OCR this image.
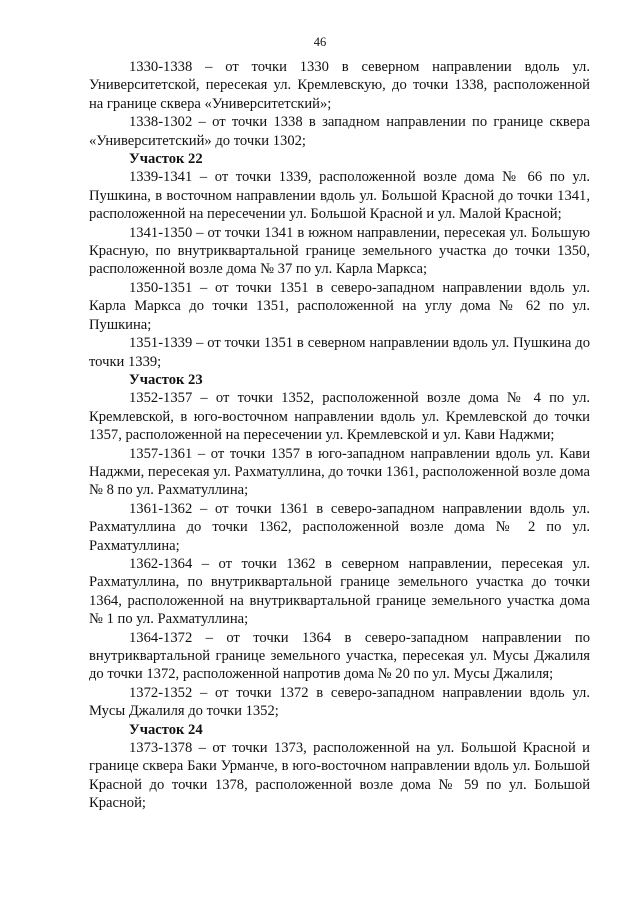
46

1330-1338 – от точки 1330 в северном направлении вдоль ул. Университетской, пересекая ул. Кремлевскую, до точки 1338, расположенной на границе сквера «Университетский»;

1338-1302 – от точки 1338 в западном направлении по границе сквера «Университетский» до точки 1302;

Участок 22

1339-1341 – от точки 1339, расположенной возле дома № 66 по ул. Пушкина, в восточном направлении вдоль ул. Большой Красной до точки 1341, расположенной на пересечении ул. Большой Красной и ул. Малой Красной;

1341-1350 – от точки 1341 в южном направлении, пересекая ул. Большую Красную, по внутриквартальной границе земельного участка до точки 1350, расположенной возле дома № 37 по ул. Карла Маркса;

1350-1351 – от точки 1351 в северо-западном направлении вдоль ул. Карла Маркса до точки 1351, расположенной на углу дома № 62 по ул. Пушкина;

1351-1339 – от точки 1351 в северном направлении вдоль ул. Пушкина до точки 1339;

Участок 23

1352-1357 – от точки 1352, расположенной возле дома № 4 по ул. Кремлевской, в юго-восточном направлении вдоль ул. Кремлевской до точки 1357, расположенной на пересечении ул. Кремлевской и ул. Кави Наджми;

1357-1361 – от точки 1357 в юго-западном направлении вдоль ул. Кави Наджми, пересекая ул. Рахматуллина, до точки 1361, расположенной возле дома № 8 по ул. Рахматуллина;

1361-1362 – от точки 1361 в северо-западном направлении вдоль ул. Рахматуллина до точки 1362, расположенной возле дома № 2 по ул. Рахматуллина;

1362-1364 – от точки 1362 в северном направлении, пересекая ул. Рахматуллина, по внутриквартальной границе земельного участка до точки 1364, расположенной на внутриквартальной границе земельного участка дома № 1 по ул. Рахматуллина;

1364-1372 – от точки 1364 в северо-западном направлении по внутриквартальной границе земельного участка, пересекая ул. Мусы Джалиля до точки 1372, расположенной напротив дома № 20 по ул. Мусы Джалиля;

1372-1352 – от точки 1372 в северо-западном направлении вдоль ул. Мусы Джалиля до точки 1352;

Участок 24

1373-1378 – от точки 1373, расположенной на ул. Большой Красной и границе сквера Баки Урманче, в юго-восточном направлении вдоль ул. Большой Красной до точки 1378, расположенной возле дома № 59 по ул. Большой Красной;
